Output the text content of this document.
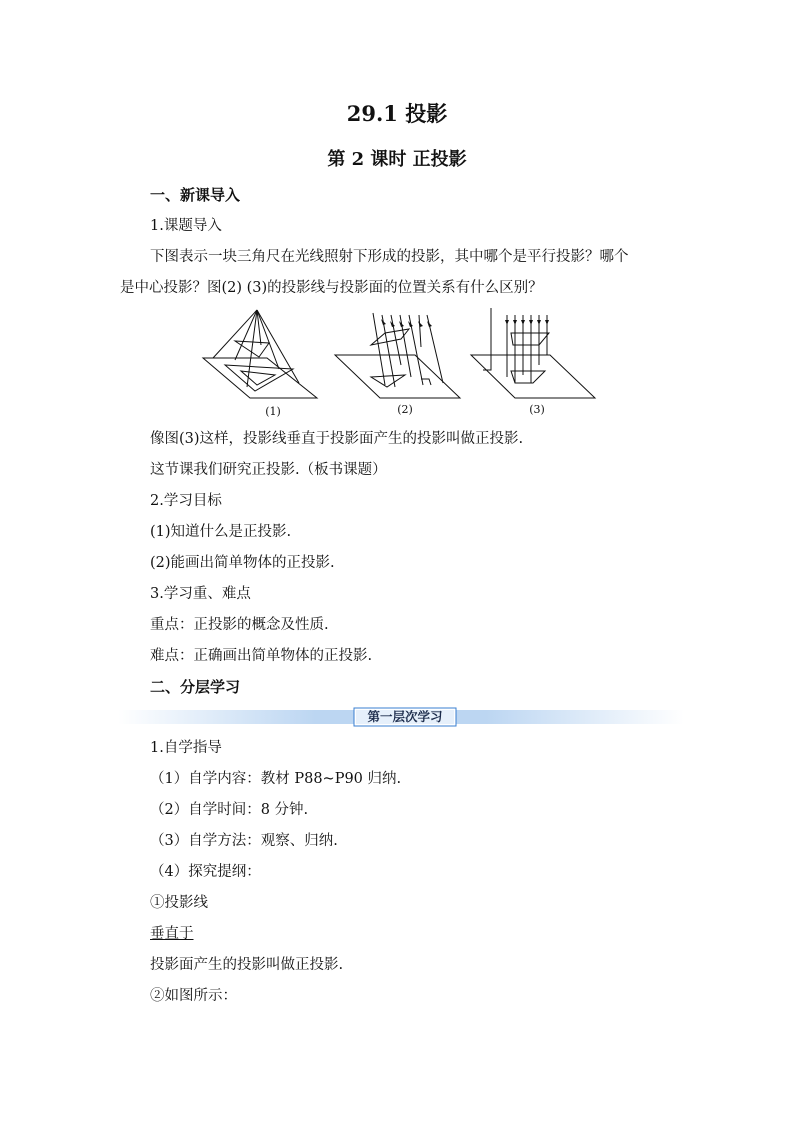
29.1 投影
第 2 课时 正投影
一、新课导入
1.课题导入
下图表示一块三角尺在光线照射下形成的投影，其中哪个是平行投影？哪个
是中心投影？图(2) (3)的投影线与投影面的位置关系有什么区别？
(1)	(2)	(3)
像图(3)这样，投影线垂直于投影面产生的投影叫做正投影.
这节课我们研究正投影.（板书课题）
2.学习目标
(1)知道什么是正投影.
(2)能画出简单物体的正投影.
3.学习重、难点
重点：正投影的概念及性质.
难点：正确画出简单物体的正投影.
二、分层学习
第一层次学习
1.自学指导
（1）自学内容：教材 P88~P90 归纳.
（2）自学时间：8 分钟.
（3）自学方法：观察、归纳.
（4）探究提纲：
①投影线
垂直于
投影面产生的投影叫做正投影.
②如图所示：
